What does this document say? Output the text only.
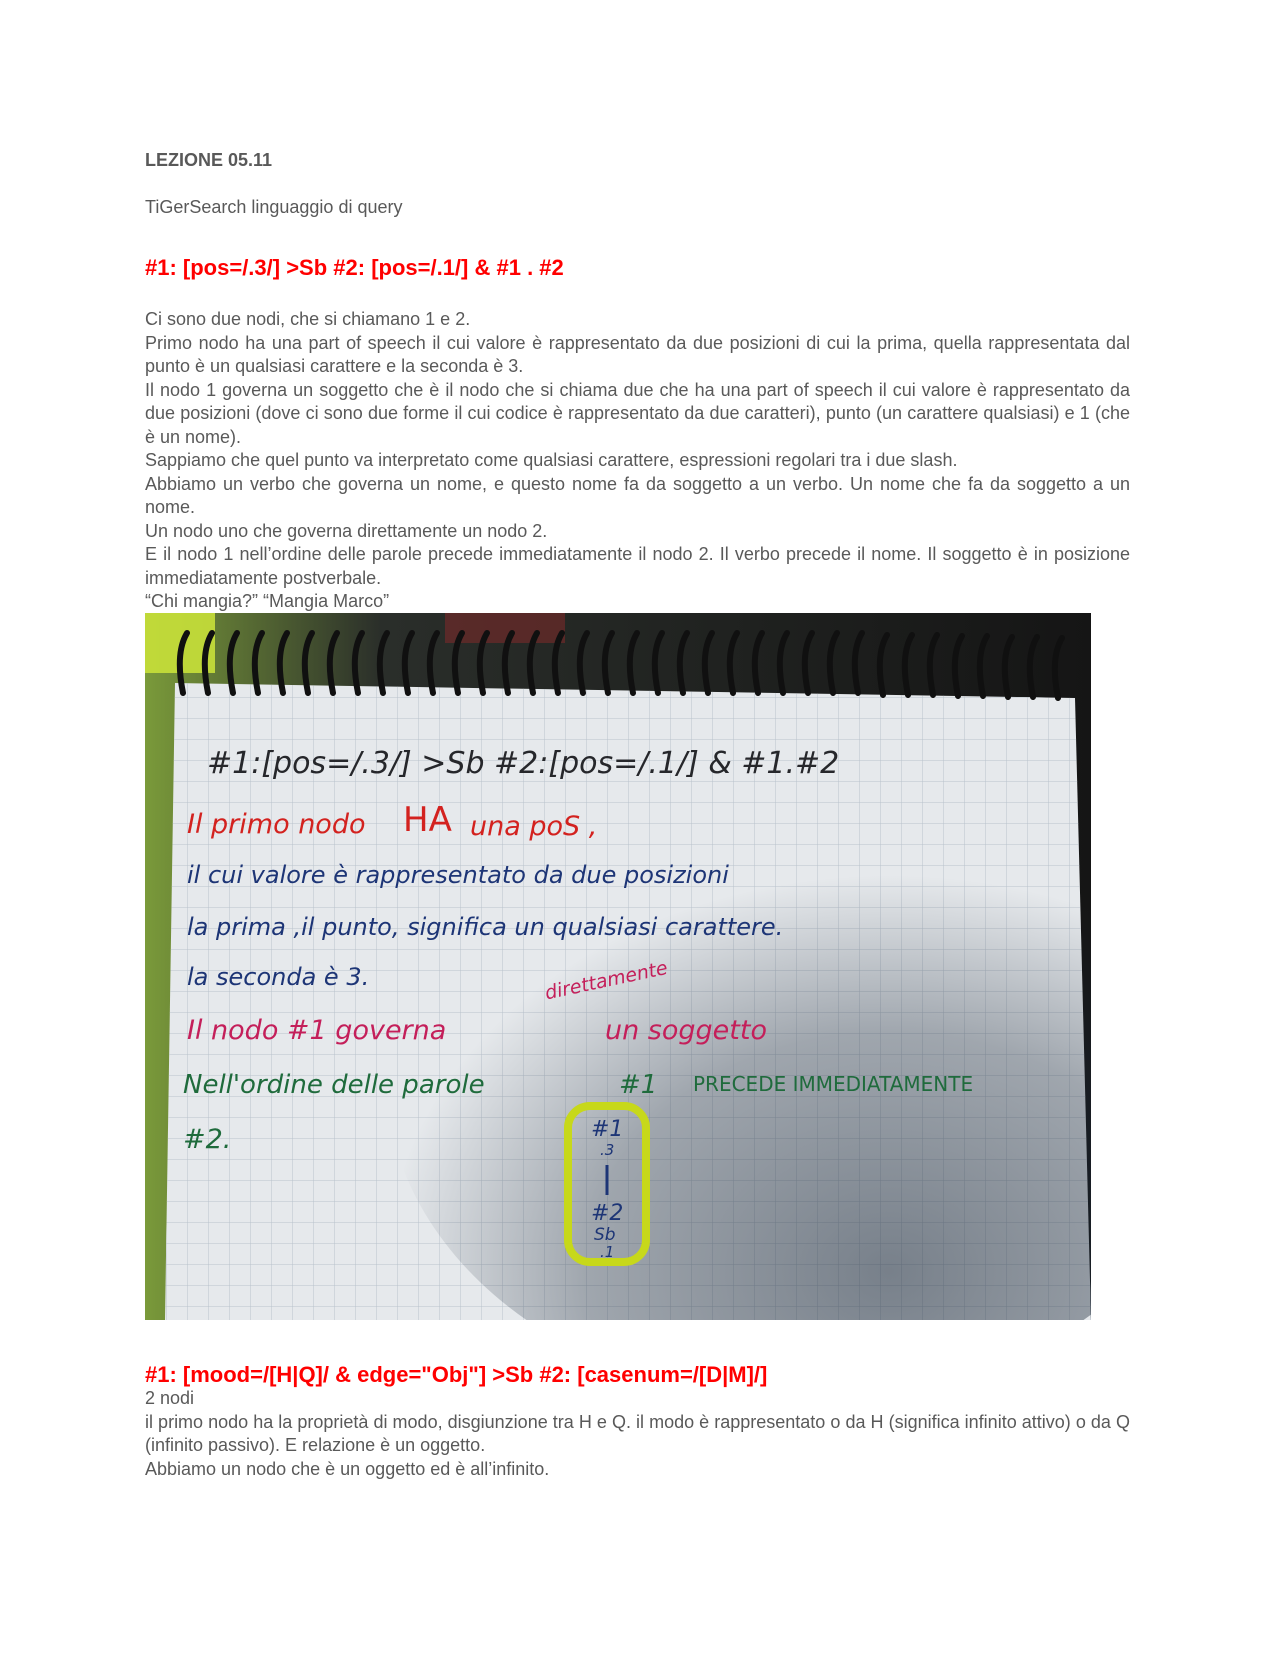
LEZIONE 05.11
TiGerSearch linguaggio di query
#1: [pos=/.3/] >Sb #2: [pos=/.1/] & #1 . #2

Ci sono due nodi, che si chiamano 1 e 2.

Primo nodo ha una part of speech il cui valore è rappresentato da due posizioni di cui la prima, quella rappresentata dal punto è un qualsiasi carattere e la seconda è 3.

Il nodo 1 governa un soggetto che è il nodo che si chiama due che ha una part of speech il cui valore è rappresentato da due posizioni (dove ci sono due forme il cui codice è rappresentato da due caratteri), punto (un carattere qualsiasi) e 1 (che è un nome).

Sappiamo che quel punto va interpretato come qualsiasi carattere, espressioni regolari tra i due slash.

Abbiamo un verbo che governa un nome, e questo nome fa da soggetto a un verbo. Un nome che fa da soggetto a un nome.

Un nodo uno che governa direttamente un nodo 2.

E il nodo 1 nell’ordine delle parole precede immediatamente il nodo 2. Il verbo precede il nome. Il soggetto è in posizione immediatamente postverbale.

“Chi mangia?” “Mangia Marco”

#1: [mood=/[H|Q]/ & edge="Obj"] >Sb #2: [casenum=/[D|M]/]

2 nodi

il primo nodo ha la proprietà di modo, disgiunzione tra H e Q. il modo è rappresentato o da H (significa infinito attivo) o da Q (infinito passivo). E relazione è un oggetto.

Abbiamo un nodo che è un oggetto ed è all’infinito.

#1:[pos=/.3/] >Sb #2:[pos=/.1/] & #1.#2
Il primo nodo HA una poS ,
il cui valore è rappresentato da due posizioni
la prima ,il punto, significa un qualsiasi carattere.
la seconda è 3.	direttamente
Il nodo #1 governa	un soggetto
Nell'ordine delle parole	#1 PRECEDE IMMEDIATAMENTE
#2.	#1
.3
#2
Sb
.1
